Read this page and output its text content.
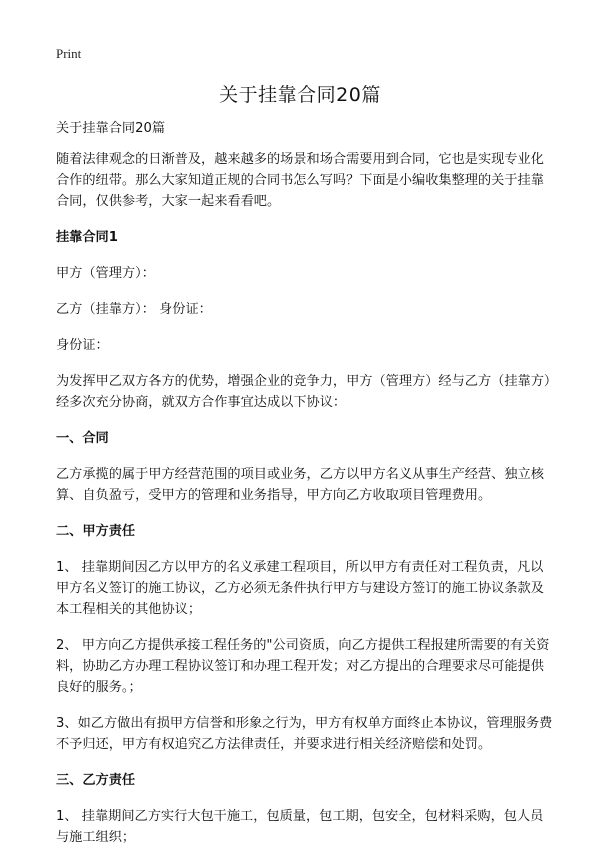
Print
关于挂靠合同20篇

关于挂靠合同20篇

随着法律观念的日渐普及，越来越多的场景和场合需要用到合同，它也是实现专业化合作的纽带。那么大家知道正规的合同书怎么写吗？下面是小编收集整理的关于挂靠合同，仅供参考，大家一起来看看吧。

挂靠合同1

甲方（管理方）：

乙方（挂靠方）： 身份证：

身份证：

为发挥甲乙双方各方的优势，增强企业的竞争力，甲方（管理方）经与乙方（挂靠方）经多次充分协商，就双方合作事宜达成以下协议：

一、合同

乙方承揽的属于甲方经营范围的项目或业务，乙方以甲方名义从事生产经营、独立核算、自负盈亏，受甲方的管理和业务指导，甲方向乙方收取项目管理费用。

二、甲方责任

1、 挂靠期间因乙方以甲方的名义承建工程项目，所以甲方有责任对工程负责，凡以甲方名义签订的施工协议，乙方必须无条件执行甲方与建设方签订的施工协议条款及本工程相关的其他协议；

2、 甲方向乙方提供承接工程任务的"公司资质，向乙方提供工程报建所需要的有关资料，协助乙方办理工程协议签订和办理工程开发；对乙方提出的合理要求尽可能提供良好的服务。；

3、如乙方做出有损甲方信誉和形象之行为，甲方有权单方面终止本协议，管理服务费不予归还，甲方有权追究乙方法律责任，并要求进行相关经济赔偿和处罚。

三、乙方责任

1、 挂靠期间乙方实行大包干施工，包质量，包工期，包安全，包材料采购，包人员与施工组织；
